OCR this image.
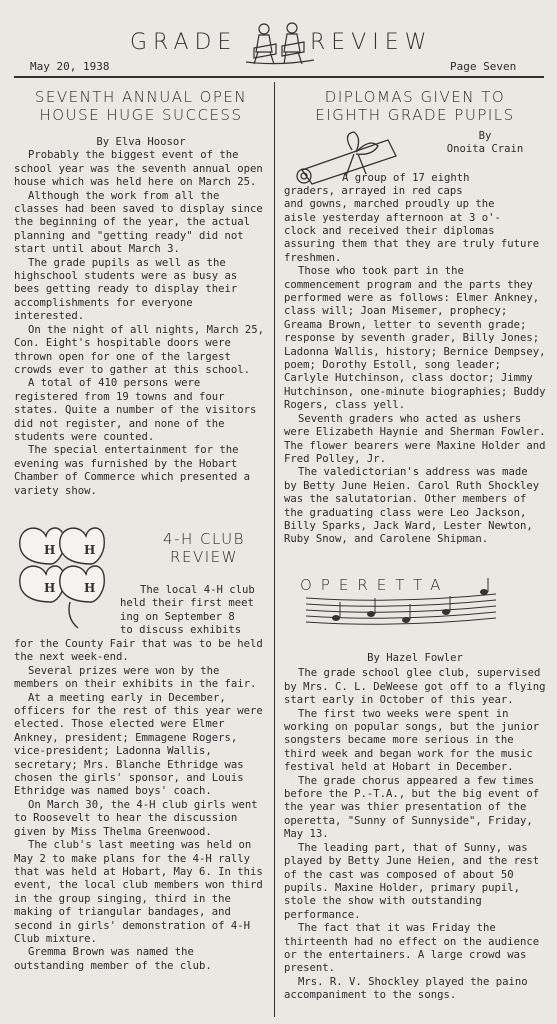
GRADE	REVIEW
May 20, 1938	Page Seven
SEVENTH ANNUAL OPEN
HOUSE HUGE SUCCESS
By Elva Hoosor

Probably the biggest event of the school year was the seventh annual open house which was held here on March 25.

Although the work from all the classes had been saved to display since the beginning of the year, the actual planning and "getting ready" did not start until about March 3.

The grade pupils as well as the highschool students were as busy as bees getting ready to display their accomplishments for everyone interested.

On the night of all nights, March 25, Con. Eight's hospitable doors were thrown open for one of the largest crowds ever to gather at this school.

A total of 410 persons were registered from 19 towns and four states. Quite a number of the visitors did not register, and none of the students were counted.

The special entertainment for the evening was furnished by the Hobart Chamber of Commerce which presented a variety show.

H H
H H
4-H CLUB
REVIEW
The local 4-H club
held their first meet
ing on September 8
to discuss exhibits

for the County Fair that was to be held the next week-end.

Several prizes were won by the members on their exhibits in the fair.

At a meeting early in December, officers for the rest of this year were elected. Those elected were Elmer Ankney, president; Emmagene Rogers, vice-president; Ladonna Wallis, secretary; Mrs. Blanche Ethridge was chosen the girls' sponsor, and Louis Ethridge was named boys' coach.

On March 30, the 4-H club girls went to Roosevelt to hear the discussion given by Miss Thelma Greenwood.

The club's last meeting was held on May 2 to make plans for the 4-H rally that was held at Hobart, May 6. In this event, the local club members won third in the group singing, third in the making of triangular bandages, and second in girls' demonstration of 4-H Club mixture.

Gremma Brown was named the outstanding member of the club.

DIPLOMAS GIVEN TO
EIGHTH GRADE PUPILS
By
Onoita Crain
A group of 17 eighth
graders, arrayed in red caps
and gowns, marched proudly up the
aisle yesterday afternoon at 3 o'-

clock and received their diplomas assuring them that they are truly future freshmen.

Those who took part in the commencement program and the parts they performed were as follows: Elmer Ankney, class will; Joan Misemer, prophecy; Greama Brown, letter to seventh grade; response by seventh grader, Billy Jones; Ladonna Wallis, history; Bernice Dempsey, poem; Dorothy Estoll, song leader; Carlyle Hutchinson, class doctor; Jimmy Hutchinson, one-minute biographies; Buddy Rogers, class yell.

Seventh graders who acted as ushers were Elizabeth Haynie and Sherman Fowler. The flower bearers were Maxine Holder and Fred Polley, Jr.

The valedictorian's address was made by Betty June Heien. Carol Ruth Shockley was the salutatorian. Other members of the graduating class were Leo Jackson, Billy Sparks, Jack Ward, Lester Newton, Ruby Snow, and Carolene Shipman.

OPERETTA
By Hazel Fowler

The grade school glee club, supervised by Mrs. C. L. DeWeese got off to a flying start early in October of this year.

The first two weeks were spent in working on popular songs, but the junior songsters became more serious in the third week and began work for the music festival held at Hobart in December.

The grade chorus appeared a few times before the P.-T.A., but the big event of the year was thier presentation of the operetta, "Sunny of Sunnyside", Friday, May 13.

The leading part, that of Sunny, was played by Betty June Heien, and the rest of the cast was composed of about 50 pupils. Maxine Holder, primary pupil, stole the show with outstanding performance.

The fact that it was Friday the thirteenth had no effect on the audience or the entertainers. A large crowd was present.

Mrs. R. V. Shockley played the paino accompaniment to the songs.
